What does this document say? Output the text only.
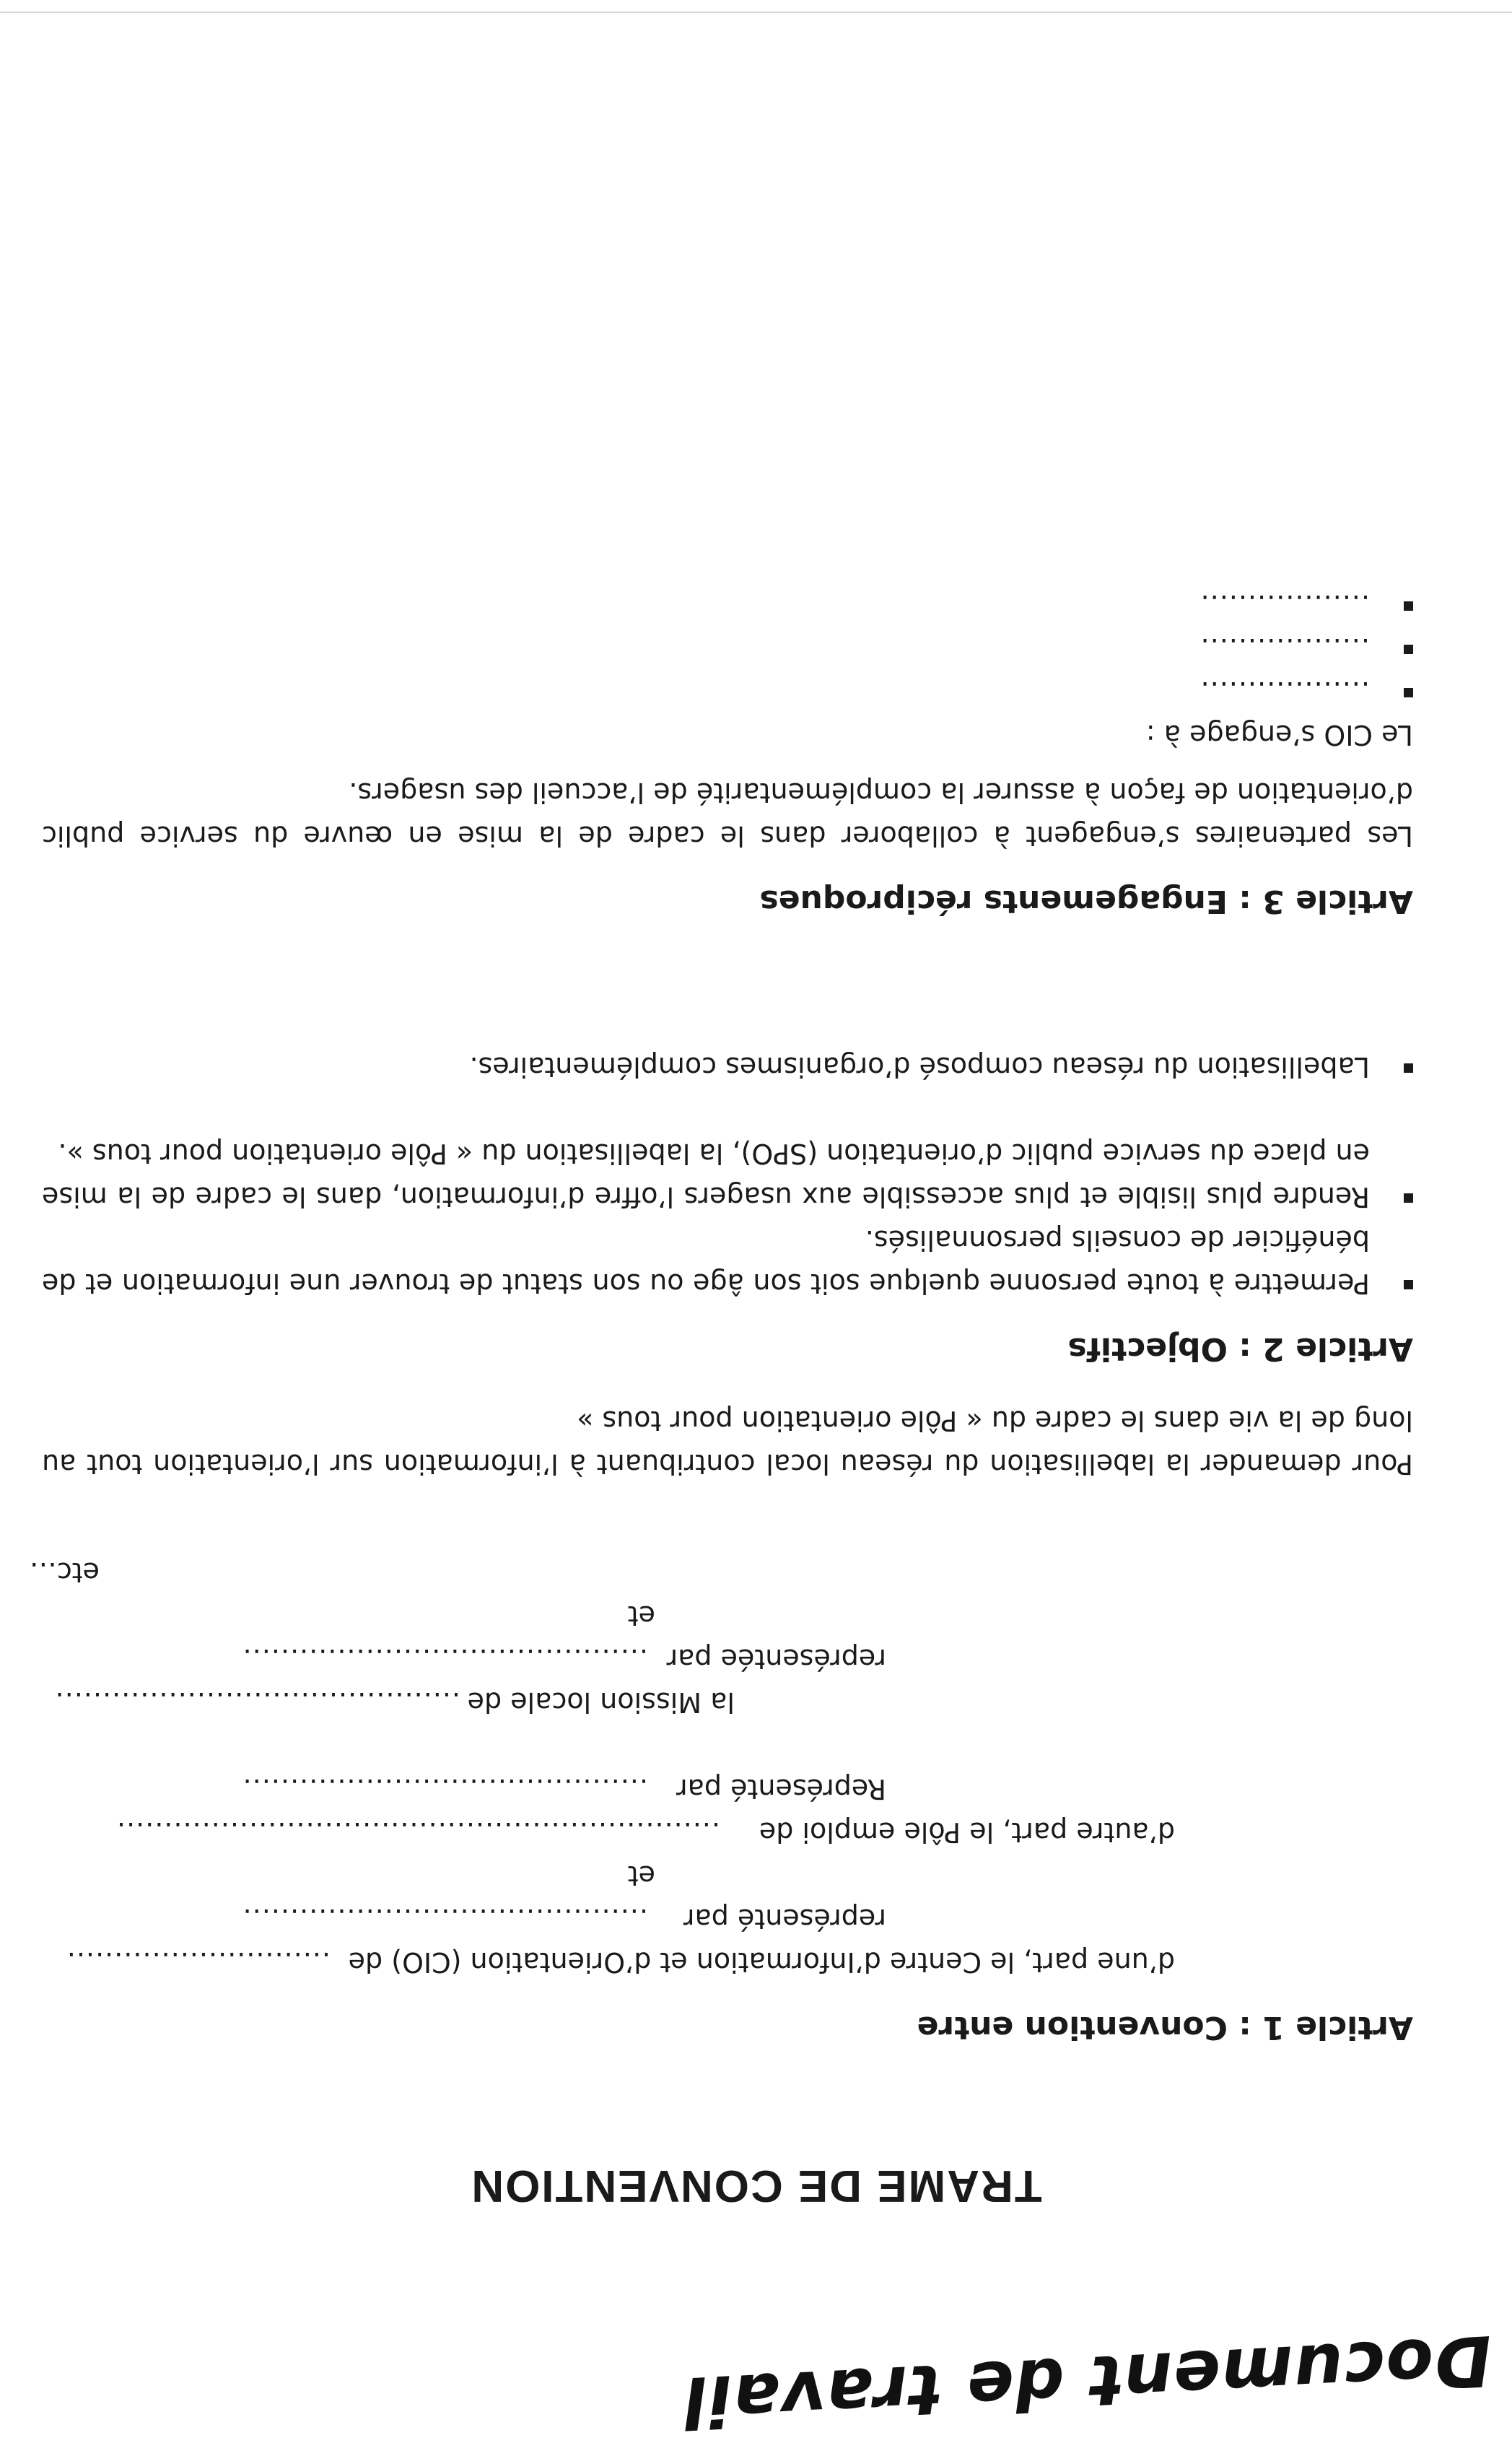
Document de travail
TRAME DE CONVENTION
Article 1 : Convention entre
d’une part, le Centre d’Information et d’Orientation (CIO) de
............................
représenté par
...........................................
et
d’autre part, le Pôle emploi de
................................................................
Représenté par
...........................................
la Mission locale de
...........................................
représentée par
...........................................
et
etc…
Pour demander la labellisation du réseau local contribuant à l’information sur l’orientation tout au long de la vie dans le cadre du « Pôle orientation pour tous »
Article 2 : Objectifs
Permettre à toute personne quelque soit son âge ou son statut de trouver une information et de bénéficier de conseils personnalisés.
Rendre plus lisible et plus accessible aux usagers l’offre d’information, dans le cadre de la mise en place du service public d’orientation (SPO), la labellisation du « Pôle orientation pour tous ».
Labellisation du réseau composé d’organismes complémentaires.
Article 3 : Engagements réciproques
Les partenaires s’engagent à collaborer dans le cadre de la mise en œuvre du service public d’orientation de façon à assurer la complémentarité de l’accueil des usagers.
Le CIO s’engage à :
..................
..................
..................
